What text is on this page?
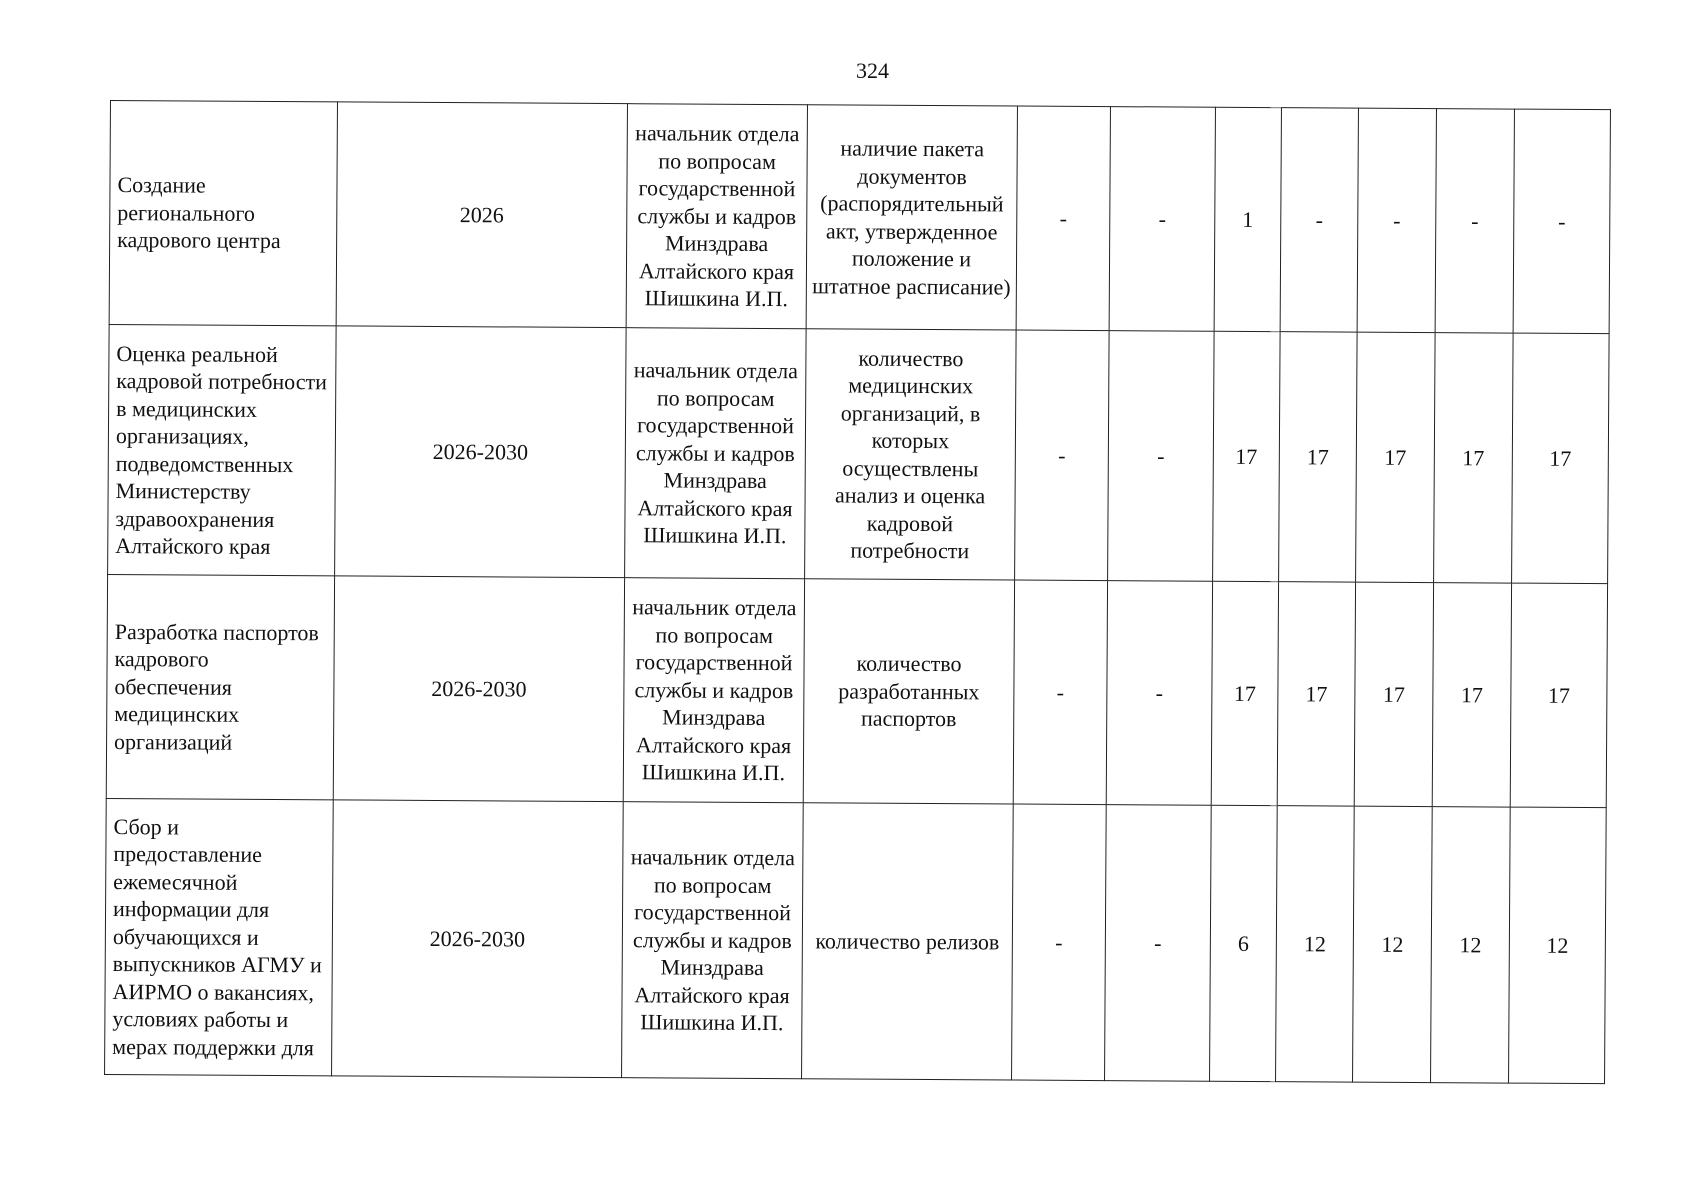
324
Создание регионального кадрового центра	2026	начальник отдела по вопросам государственной службы и кадров Минздрава Алтайского края Шишкина И.П.	наличие пакета документов (распорядительный акт, утвержденное положение и штатное расписание)	-	-	1	-	-	-	-
Оценка реальной кадровой потребности в медицинских организациях, подведомственных Министерству здравоохранения Алтайского края	2026-2030	начальник отдела по вопросам государственной службы и кадров Минздрава Алтайского края Шишкина И.П.	количество медицинских организаций, в которых осуществлены анализ и оценка кадровой потребности	-	-	17	17	17	17	17
Разработка паспортов кадрового обеспечения медицинских организаций	2026-2030	начальник отдела по вопросам государственной службы и кадров Минздрава Алтайского края Шишкина И.П.	количество разработанных паспортов	-	-	17	17	17	17	17
Сбор и предоставление ежемесячной информации для обучающихся и выпускников АГМУ и АИРМО о вакансиях, условиях работы и мерах поддержки для	2026-2030	начальник отдела по вопросам государственной службы и кадров Минздрава Алтайского края Шишкина И.П.	количество релизов	-	-	6	12	12	12	12
